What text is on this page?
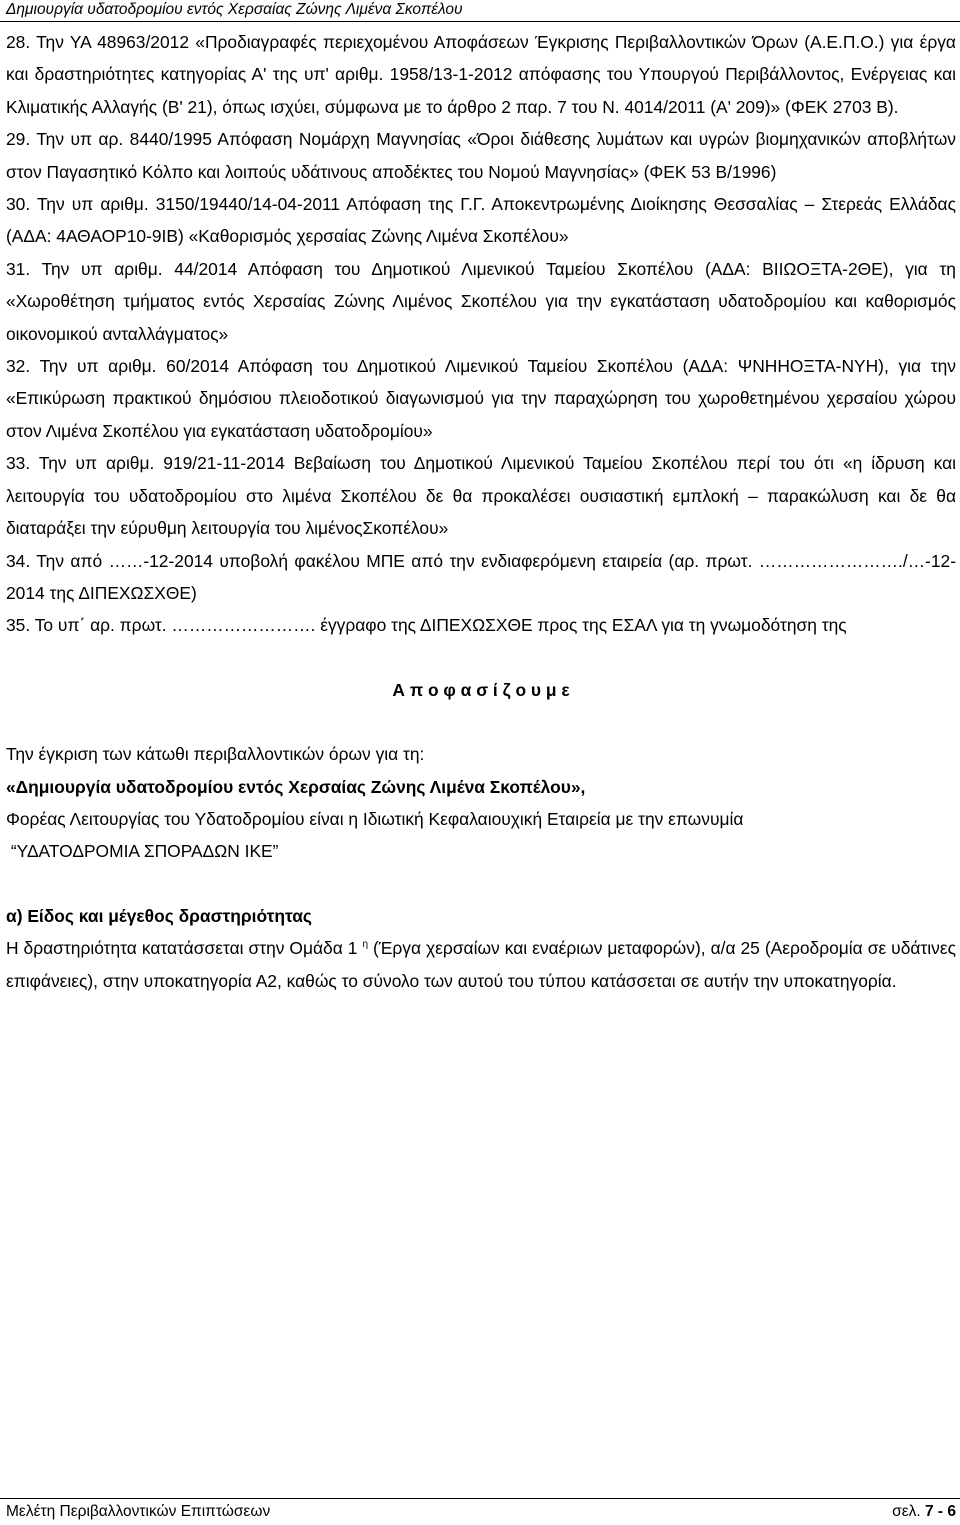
Δημιουργία υδατοδρομίου εντός Χερσαίας Ζώνης Λιμένα Σκοπέλου

28. Την ΥΑ 48963/2012 «Προδιαγραφές περιεχομένου Αποφάσεων Έγκρισης Περιβαλλοντικών Όρων (Α.Ε.Π.Ο.) για έργα και δραστηριότητες κατηγορίας Α' της υπ' αριθμ. 1958/13-1-2012 απόφασης του Υπουργού Περιβάλλοντος, Ενέργειας και Κλιματικής Αλλαγής (Β' 21), όπως ισχύει, σύμφωνα με το άρθρο 2 παρ. 7 του Ν. 4014/2011 (Α' 209)» (ΦΕΚ 2703 Β).

29. Την υπ αρ. 8440/1995 Απόφαση Νομάρχη Μαγνησίας «Όροι διάθεσης λυμάτων και υγρών βιομηχανικών αποβλήτων στον Παγασητικό Κόλπο και λοιπούς υδάτινους αποδέκτες του Νομού Μαγνησίας» (ΦΕΚ 53 Β/1996)

30. Την υπ αριθμ. 3150/19440/14-04-2011 Απόφαση της Γ.Γ. Αποκεντρωμένης Διοίκησης Θεσσαλίας – Στερεάς Ελλάδας (ΑΔΑ: 4ΑΘΑΟΡ10-9ΙΒ) «Καθορισμός χερσαίας Ζώνης Λιμένα Σκοπέλου»

31. Την υπ αριθμ. 44/2014 Απόφαση του Δημοτικού Λιμενικού Ταμείου Σκοπέλου (ΑΔΑ: ΒΙΙΩΟΞΤΑ-2ΘΕ), για τη «Χωροθέτηση τμήματος εντός Χερσαίας Ζώνης Λιμένος Σκοπέλου για την εγκατάσταση υδατοδρομίου και καθορισμός οικονομικού ανταλλάγματος»

32. Την υπ αριθμ. 60/2014 Απόφαση του Δημοτικού Λιμενικού Ταμείου Σκοπέλου (ΑΔΑ: ΨΝΗΗΟΞΤΑ-ΝΥΗ), για την «Επικύρωση πρακτικού δημόσιου πλειοδοτικού διαγωνισμού για την παραχώρηση του χωροθετημένου χερσαίου χώρου στον Λιμένα Σκοπέλου για εγκατάσταση υδατοδρομίου»

33. Την υπ αριθμ. 919/21-11-2014 Βεβαίωση του Δημοτικού Λιμενικού Ταμείου Σκοπέλου περί του ότι «η ίδρυση και λειτουργία του υδατοδρομίου στο λιμένα Σκοπέλου δε θα προκαλέσει ουσιαστική εμπλοκή – παρακώλυση και δε θα διαταράξει την εύρυθμη λειτουργία του λιμένοςΣκοπέλου»

34. Την από ……-12-2014 υποβολή φακέλου ΜΠΕ από την ενδιαφερόμενη εταιρεία (αρ. πρωτ. ……………………./…-12-2014 της ΔΙΠΕΧΩΣΧΘΕ)

35. Το υπ΄ αρ. πρωτ. ……………………. έγγραφο της ΔΙΠΕΧΩΣΧΘΕ προς της ΕΣΑΛ για τη γνωμοδότηση της

Α π ο φ α σ ί ζ ο υ μ ε

Την έγκριση των κάτωθι περιβαλλοντικών όρων για τη:

«Δημιουργία υδατοδρομίου εντός Χερσαίας Ζώνης Λιμένα Σκοπέλου»,

Φορέας Λειτουργίας του Υδατοδρομίου είναι η Ιδιωτική Κεφαλαιουχική Εταιρεία με την επωνυμία

“ΥΔΑΤΟΔΡΟΜΙΑ ΣΠΟΡΑΔΩΝ ΙΚΕ”

α) Είδος και μέγεθος δραστηριότητας

Η δραστηριότητα κατατάσσεται στην Ομάδα 1 $^\eta$ (Έργα χερσαίων και εναέριων μεταφορών), α/α 25 (Αεροδρομία σε υδάτινες επιφάνειες), στην υποκατηγορία Α2, καθώς το σύνολο των αυτού του τύπου κατάσσεται σε αυτήν την υποκατηγορία.

Μελέτη Περιβαλλοντικών Επιπτώσεων	σελ. 7 - 6
